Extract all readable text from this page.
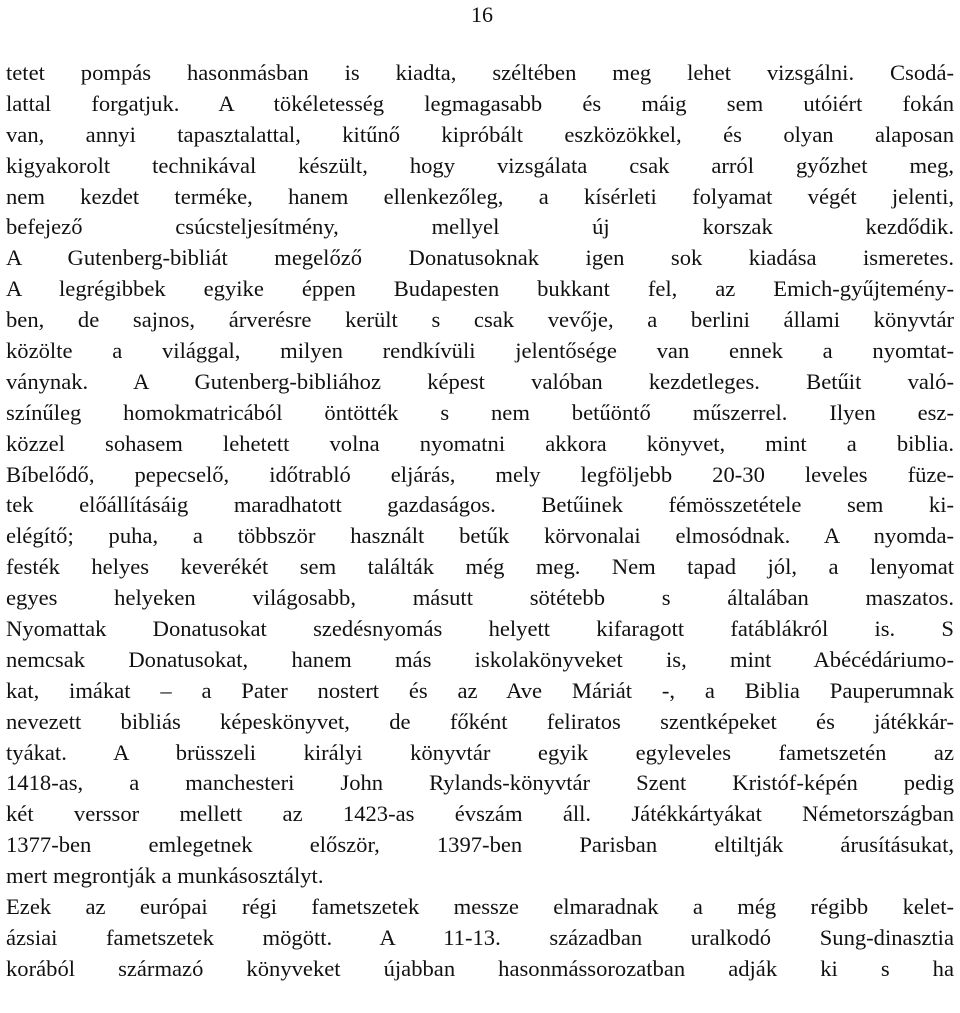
16
tetet pompás hasonmásban is kiadta, széltében meg lehet vizsgálni. Csodá-
lattal forgatjuk. A tökéletesség legmagasabb és máig sem utóiért fokán
van, annyi tapasztalattal, kitűnő kipróbált eszközökkel, és olyan alaposan
kigyakorolt technikával készült, hogy vizsgálata csak arról győzhet meg,
nem kezdet terméke, hanem ellenkezőleg, a kísérleti folyamat végét jelenti,
befejező csúcsteljesítmény, mellyel új korszak kezdődik.
A Gutenberg-bibliát megelőző Donatusoknak igen sok kiadása ismeretes.
A legrégibbek egyike éppen Budapesten bukkant fel, az Emich-gyűjtemény-
ben, de sajnos, árverésre került s csak vevője, a berlini állami könyvtár
közölte a világgal, milyen rendkívüli jelentősége van ennek a nyomtat-
ványnak. A Gutenberg-bibliához képest valóban kezdetleges. Betűit való-
színűleg homokmatricából öntötték s nem betűöntő műszerrel. Ilyen esz-
közzel sohasem lehetett volna nyomatni akkora könyvet, mint a biblia.
Bíbelődő, pepecselő, időtrabló eljárás, mely legföljebb 20-30 leveles füze-
tek előállításáig maradhatott gazdaságos. Betűinek fémösszetétele sem ki-
elégítő; puha, a többször használt betűk körvonalai elmosódnak. A nyomda-
festék helyes keverékét sem találták még meg. Nem tapad jól, a lenyomat
egyes helyeken világosabb, másutt sötétebb s általában maszatos.
Nyomattak Donatusokat szedésnyomás helyett kifaragott fatáblákról is. S
nemcsak Donatusokat, hanem más iskolakönyveket is, mint Abécédáriumo-
kat, imákat – a Pater nostert és az Ave Máriát -, a Biblia Pauperumnak
nevezett bibliás képeskönyvet, de főként feliratos szentképeket és játékkár-
tyákat. A brüsszeli királyi könyvtár egyik egyleveles fametszetén az
1418-as, a manchesteri John Rylands-könyvtár Szent Kristóf-képén pedig
két verssor mellett az 1423-as évszám áll. Játékkártyákat Németországban
1377-ben emlegetnek először, 1397-ben Parisban eltiltják árusításukat,
mert megrontják a munkásosztályt.
Ezek az európai régi fametszetek messze elmaradnak a még régibb kelet-
ázsiai fametszetek mögött. A 11-13. században uralkodó Sung-dinasztia
korából származó könyveket újabban hasonmássorozatban adják ki s ha
